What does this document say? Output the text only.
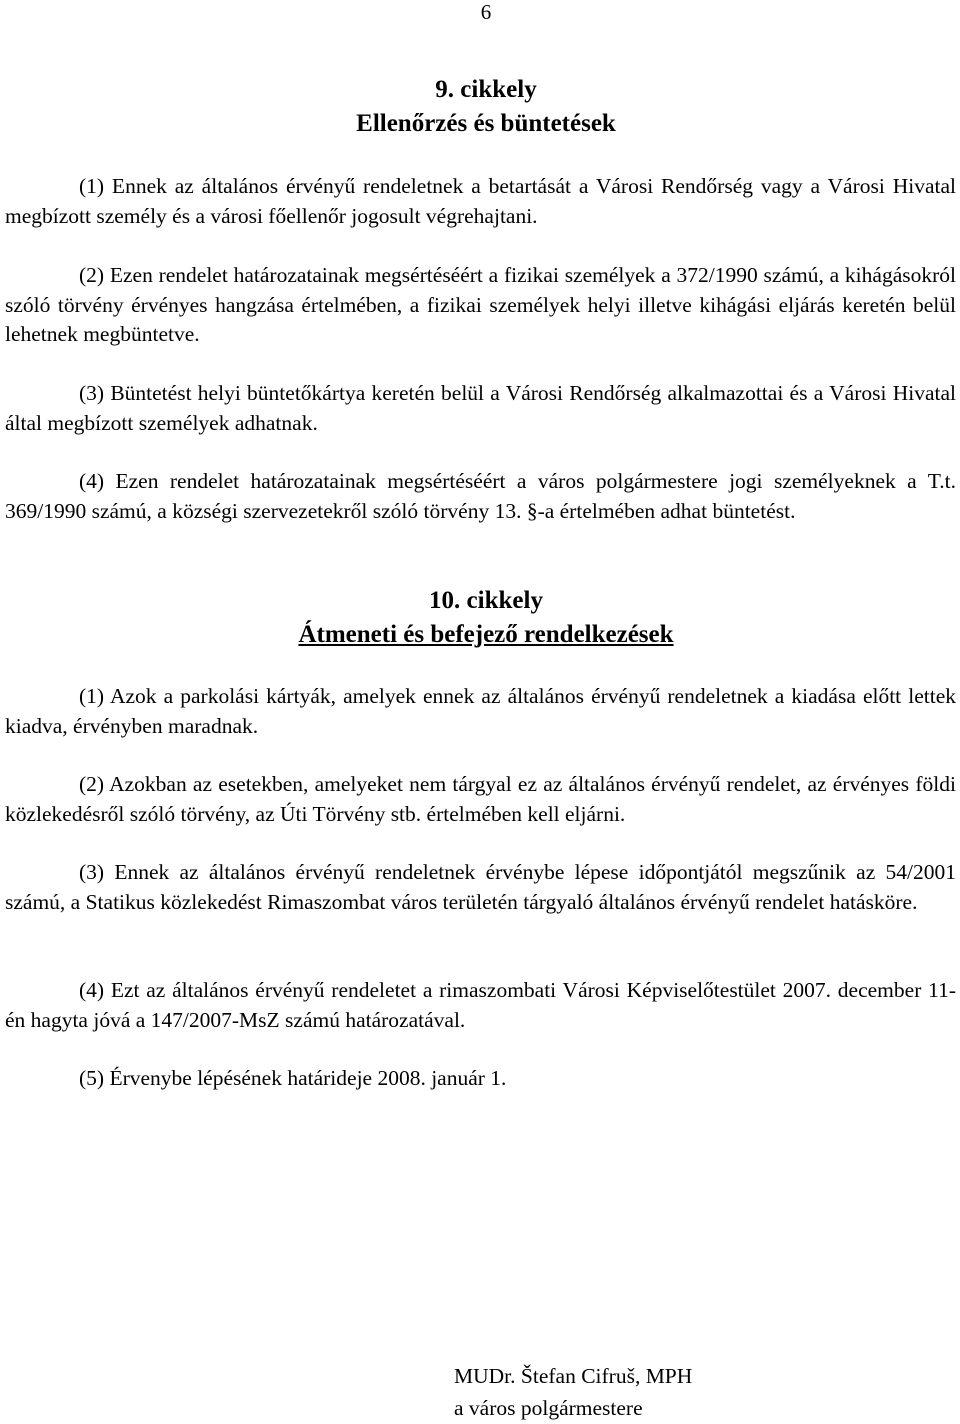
6
9. cikkely
Ellenőrzés és büntetések

(1) Ennek az általános érvényű rendeletnek a betartását a Városi Rendőrség vagy a Városi Hivatal megbízott személy és a városi főellenőr jogosult végrehajtani.

(2) Ezen rendelet határozatainak megsértéséért a fizikai személyek a 372/1990 számú, a kihágásokról szóló törvény érvényes hangzása értelmében, a fizikai személyek helyi illetve kihágási eljárás keretén belül lehetnek megbüntetve.

(3) Büntetést helyi büntetőkártya keretén belül a Városi Rendőrség alkalmazottai és a Városi Hivatal által megbízott személyek adhatnak.

(4) Ezen rendelet határozatainak megsértéséért a város polgármestere jogi személyeknek a T.t. 369/1990 számú, a községi szervezetekről szóló törvény 13. §-a értelmében adhat büntetést.

10. cikkely
Átmeneti és befejező rendelkezések

(1) Azok a parkolási kártyák, amelyek ennek az általános érvényű rendeletnek a kiadása előtt lettek kiadva, érvényben maradnak.

(2) Azokban az esetekben, amelyeket nem tárgyal ez az általános érvényű rendelet, az érvényes földi közlekedésről szóló törvény, az Úti Törvény stb. értelmében kell eljárni.

(3) Ennek az általános érvényű rendeletnek érvénybe lépese időpontjától megszűnik az 54/2001 számú, a Statikus közlekedést Rimaszombat város területén tárgyaló általános érvényű rendelet hatásköre.

(4) Ezt az általános érvényű rendeletet a rimaszombati Városi Képviselőtestület 2007. december 11-én hagyta jóvá a 147/2007-MsZ számú határozatával.

(5) Érvenybe lépésének határideje 2008. január 1.

MUDr. Štefan Cifruš, MPH
a város polgármestere
